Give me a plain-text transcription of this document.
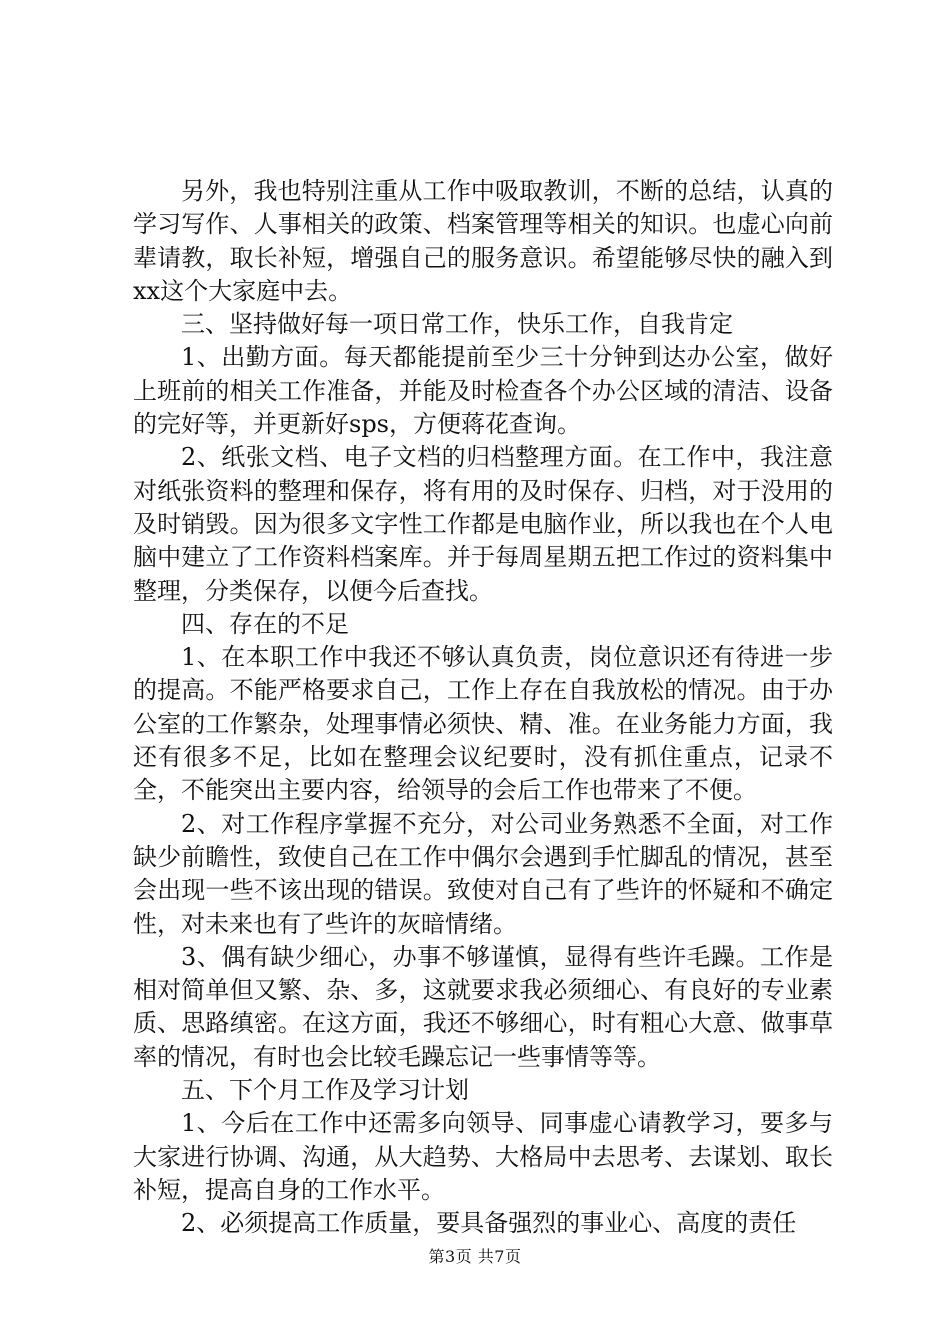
另外，我也特别注重从工作中吸取教训，不断的总结，认真的学习写作、人事相关的政策、档案管理等相关的知识。也虚心向前辈请教，取长补短，增强自己的服务意识。希望能够尽快的融入到xx这个大家庭中去。

三、坚持做好每一项日常工作，快乐工作，自我肯定

1、出勤方面。每天都能提前至少三十分钟到达办公室，做好上班前的相关工作准备，并能及时检查各个办公区域的清洁、设备的完好等，并更新好sps，方便蒋花查询。

2、纸张文档、电子文档的归档整理方面。在工作中，我注意对纸张资料的整理和保存，将有用的及时保存、归档，对于没用的及时销毁。因为很多文字性工作都是电脑作业，所以我也在个人电脑中建立了工作资料档案库。并于每周星期五把工作过的资料集中整理，分类保存，以便今后查找。

四、存在的不足

1、在本职工作中我还不够认真负责，岗位意识还有待进一步的提高。不能严格要求自己，工作上存在自我放松的情况。由于办公室的工作繁杂，处理事情必须快、精、准。在业务能力方面，我还有很多不足，比如在整理会议纪要时，没有抓住重点，记录不全，不能突出主要内容，给领导的会后工作也带来了不便。

2、对工作程序掌握不充分，对公司业务熟悉不全面，对工作缺少前瞻性，致使自己在工作中偶尔会遇到手忙脚乱的情况，甚至会出现一些不该出现的错误。致使对自己有了些许的怀疑和不确定性，对未来也有了些许的灰暗情绪。

3、偶有缺少细心，办事不够谨慎，显得有些许毛躁。工作是相对简单但又繁、杂、多，这就要求我必须细心、有良好的专业素质、思路缜密。在这方面，我还不够细心，时有粗心大意、做事草率的情况，有时也会比较毛躁忘记一些事情等等。

五、下个月工作及学习计划

1、今后在工作中还需多向领导、同事虚心请教学习，要多与大家进行协调、沟通，从大趋势、大格局中去思考、去谋划、取长补短，提高自身的工作水平。

2、必须提高工作质量，要具备强烈的事业心、高度的责任

第3页 共7页
